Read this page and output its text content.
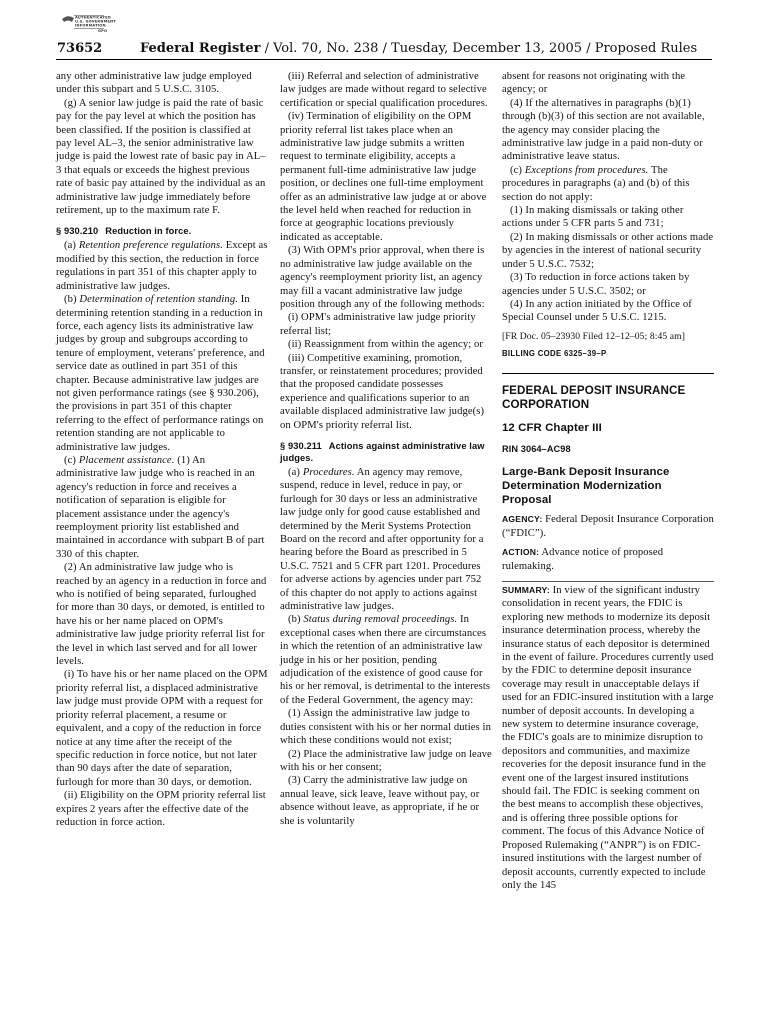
AUTHENTICATED
U.S. GOVERNMENT
INFORMATION
GPO
73652	Federal Register / Vol. 70, No. 238 / Tuesday, December 13, 2005 / Proposed Rules

any other administrative law judge employed under this subpart and 5 U.S.C. 3105.

(g) A senior law judge is paid the rate of basic pay for the pay level at which the position has been classified. If the position is classified at pay level AL–3, the senior administrative law judge is paid the lowest rate of basic pay in AL–3 that equals or exceeds the highest previous rate of basic pay attained by the individual as an administrative law judge immediately before retirement, up to the maximum rate F.

§ 930.210 Reduction in force.

(a) Retention preference regulations. Except as modified by this section, the reduction in force regulations in part 351 of this chapter apply to administrative law judges.

(b) Determination of retention standing. In determining retention standing in a reduction in force, each agency lists its administrative law judges by group and subgroups according to tenure of employment, veterans' preference, and service date as outlined in part 351 of this chapter. Because administrative law judges are not given performance ratings (see § 930.206), the provisions in part 351 of this chapter referring to the effect of performance ratings on retention standing are not applicable to administrative law judges.

(c) Placement assistance. (1) An administrative law judge who is reached in an agency's reduction in force and receives a notification of separation is eligible for placement assistance under the agency's reemployment priority list established and maintained in accordance with subpart B of part 330 of this chapter.

(2) An administrative law judge who is reached by an agency in a reduction in force and who is notified of being separated, furloughed for more than 30 days, or demoted, is entitled to have his or her name placed on OPM's administrative law judge priority referral list for the level in which last served and for all lower levels.

(i) To have his or her name placed on the OPM priority referral list, a displaced administrative law judge must provide OPM with a request for priority referral placement, a resume or equivalent, and a copy of the reduction in force notice at any time after the receipt of the specific reduction in force notice, but not later than 90 days after the date of separation, furlough for more than 30 days, or demotion.

(ii) Eligibility on the OPM priority referral list expires 2 years after the effective date of the reduction in force action.

(iii) Referral and selection of administrative law judges are made without regard to selective certification or special qualification procedures.

(iv) Termination of eligibility on the OPM priority referral list takes place when an administrative law judge submits a written request to terminate eligibility, accepts a permanent full-time administrative law judge position, or declines one full-time employment offer as an administrative law judge at or above the level held when reached for reduction in force at geographic locations previously indicated as acceptable.

(3) With OPM's prior approval, when there is no administrative law judge available on the agency's reemployment priority list, an agency may fill a vacant administrative law judge position through any of the following methods:

(i) OPM's administrative law judge priority referral list;

(ii) Reassignment from within the agency; or

(iii) Competitive examining, promotion, transfer, or reinstatement procedures; provided that the proposed candidate possesses experience and qualifications superior to an available displaced administrative law judge(s) on OPM's priority referral list.

§ 930.211 Actions against administrative law judges.

(a) Procedures. An agency may remove, suspend, reduce in level, reduce in pay, or furlough for 30 days or less an administrative law judge only for good cause established and determined by the Merit Systems Protection Board on the record and after opportunity for a hearing before the Board as prescribed in 5 U.S.C. 7521 and 5 CFR part 1201. Procedures for adverse actions by agencies under part 752 of this chapter do not apply to actions against administrative law judges.

(b) Status during removal proceedings. In exceptional cases when there are circumstances in which the retention of an administrative law judge in his or her position, pending adjudication of the existence of good cause for his or her removal, is detrimental to the interests of the Federal Government, the agency may:

(1) Assign the administrative law judge to duties consistent with his or her normal duties in which these conditions would not exist;

(2) Place the administrative law judge on leave with his or her consent;

(3) Carry the administrative law judge on annual leave, sick leave, leave without pay, or absence without leave, as appropriate, if he or she is voluntarily

absent for reasons not originating with the agency; or

(4) If the alternatives in paragraphs (b)(1) through (b)(3) of this section are not available, the agency may consider placing the administrative law judge in a paid non-duty or administrative leave status.

(c) Exceptions from procedures. The procedures in paragraphs (a) and (b) of this section do not apply:

(1) In making dismissals or taking other actions under 5 CFR parts 5 and 731;

(2) In making dismissals or other actions made by agencies in the interest of national security under 5 U.S.C. 7532;

(3) To reduction in force actions taken by agencies under 5 U.S.C. 3502; or

(4) In any action initiated by the Office of Special Counsel under 5 U.S.C. 1215.

[FR Doc. 05–23930 Filed 12–12–05; 8:45 am]
BILLING CODE 6325–39–P
FEDERAL DEPOSIT INSURANCE CORPORATION
12 CFR Chapter III
RIN 3064–AC98
Large-Bank Deposit Insurance Determination Modernization Proposal

AGENCY: Federal Deposit Insurance Corporation (“FDIC”).

ACTION: Advance notice of proposed rulemaking.

SUMMARY: In view of the significant industry consolidation in recent years, the FDIC is exploring new methods to modernize its deposit insurance determination process, whereby the insurance status of each depositor is determined in the event of failure. Procedures currently used by the FDIC to determine deposit insurance coverage may result in unacceptable delays if used for an FDIC-insured institution with a large number of deposit accounts. In developing a new system to determine insurance coverage, the FDIC's goals are to minimize disruption to depositors and communities, and maximize recoveries for the deposit insurance fund in the event one of the largest insured institutions should fail. The FDIC is seeking comment on the best means to accomplish these objectives, and is offering three possible options for comment. The focus of this Advance Notice of Proposed Rulemaking (“ANPR”) is on FDIC-insured institutions with the largest number of deposit accounts, currently expected to include only the 145
